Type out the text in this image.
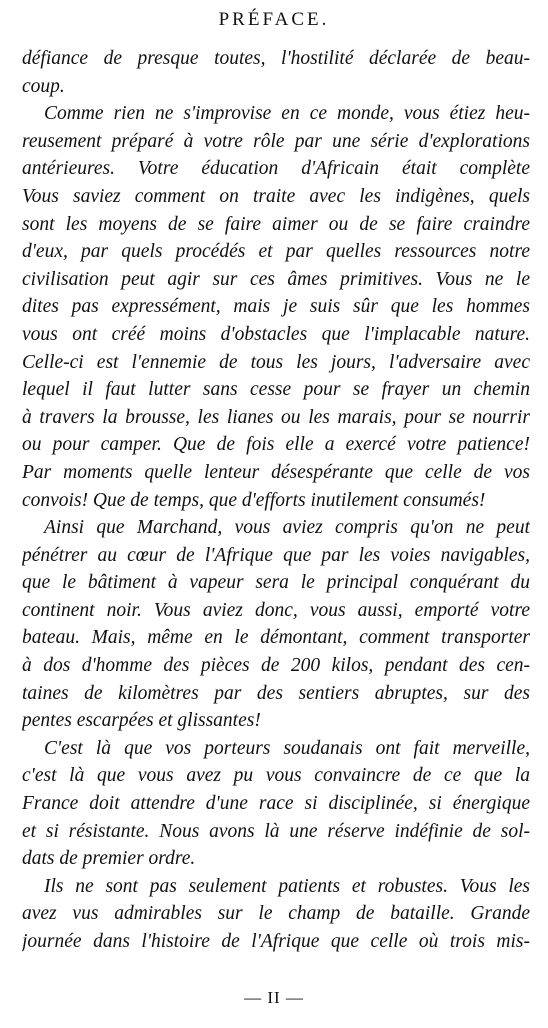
PRÉFACE.
défiance de presque toutes, l'hostilité déclarée de beau-
coup.
Comme rien ne s'improvise en ce monde, vous étiez heu-
reusement préparé à votre rôle par une série d'explorations
antérieures. Votre éducation d'Africain était complète
Vous saviez comment on traite avec les indigènes, quels
sont les moyens de se faire aimer ou de se faire craindre
d'eux, par quels procédés et par quelles ressources notre
civilisation peut agir sur ces âmes primitives. Vous ne le
dites pas expressément, mais je suis sûr que les hommes
vous ont créé moins d'obstacles que l'implacable nature.
Celle-ci est l'ennemie de tous les jours, l'adversaire avec
lequel il faut lutter sans cesse pour se frayer un chemin
à travers la brousse, les lianes ou les marais, pour se nourrir
ou pour camper. Que de fois elle a exercé votre patience!
Par moments quelle lenteur désespérante que celle de vos
convois! Que de temps, que d'efforts inutilement consumés!
Ainsi que Marchand, vous aviez compris qu'on ne peut
pénétrer au cœur de l'Afrique que par les voies navigables,
que le bâtiment à vapeur sera le principal conquérant du
continent noir. Vous aviez donc, vous aussi, emporté votre
bateau. Mais, même en le démontant, comment transporter
à dos d'homme des pièces de 200 kilos, pendant des cen-
taines de kilomètres par des sentiers abruptes, sur des
pentes escarpées et glissantes!
C'est là que vos porteurs soudanais ont fait merveille,
c'est là que vous avez pu vous convaincre de ce que la
France doit attendre d'une race si disciplinée, si énergique
et si résistante. Nous avons là une réserve indéfinie de sol-
dats de premier ordre.
Ils ne sont pas seulement patients et robustes. Vous les
avez vus admirables sur le champ de bataille. Grande
journée dans l'histoire de l'Afrique que celle où trois mis-
— II —
